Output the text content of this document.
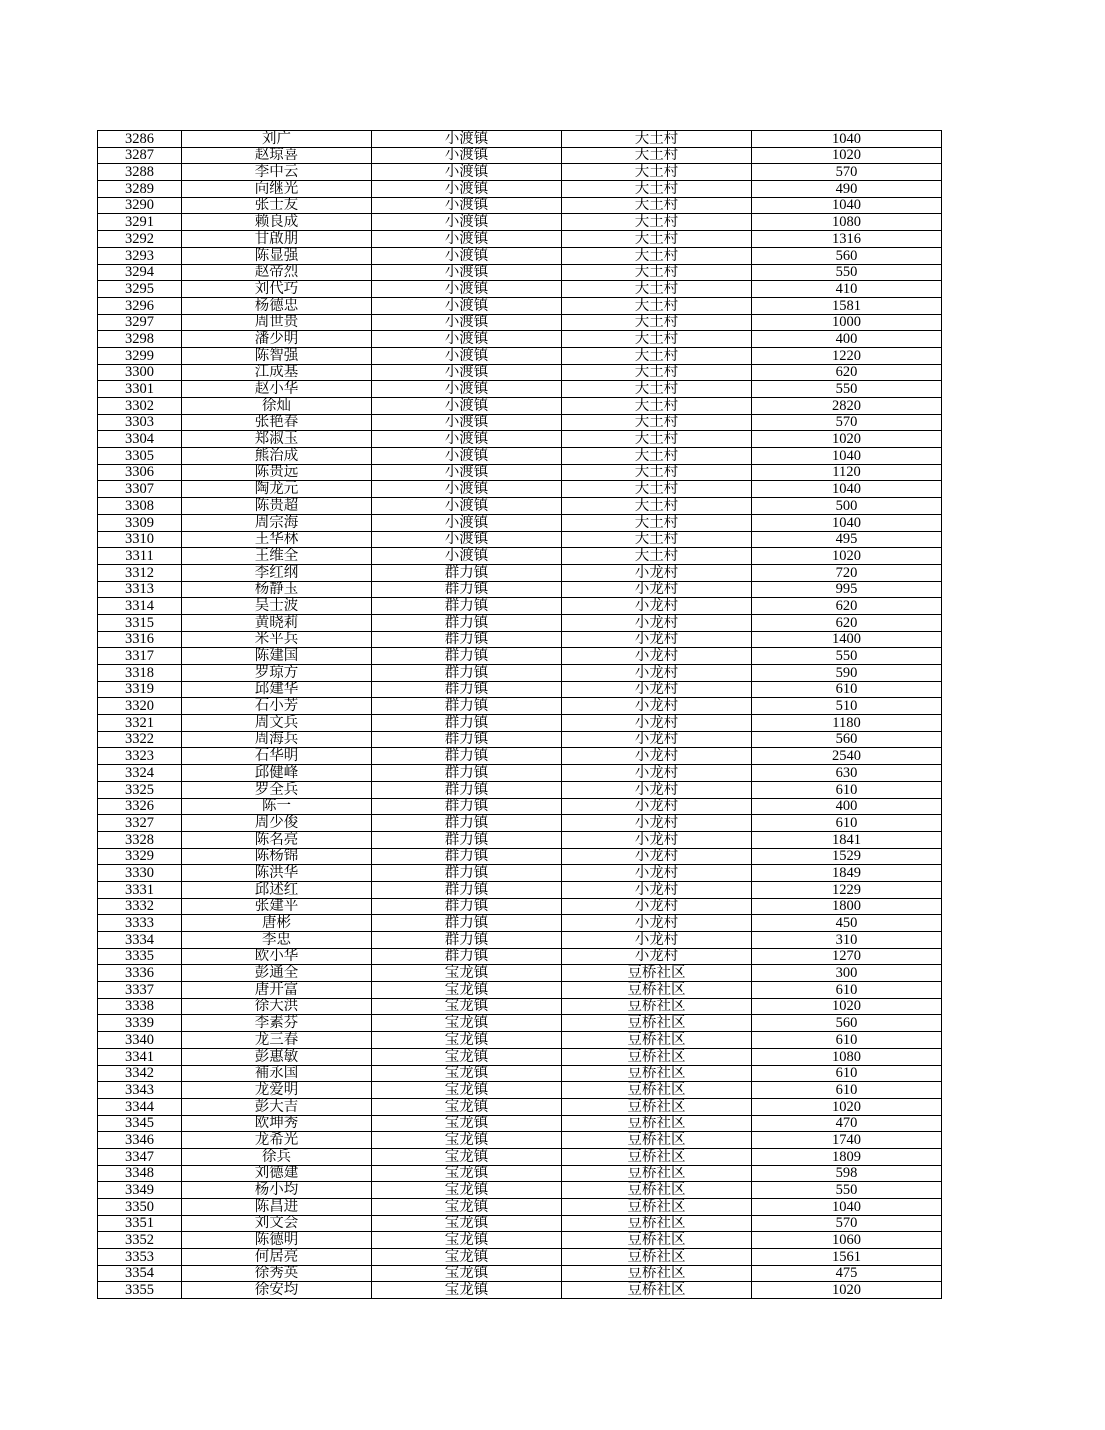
3286	刘广	小渡镇	大土村	1040
3287	赵琼喜	小渡镇	大土村	1020
3288	李中云	小渡镇	大土村	570
3289	向继光	小渡镇	大土村	490
3290	张士友	小渡镇	大土村	1040
3291	赖良成	小渡镇	大土村	1080
3292	甘啟朋	小渡镇	大土村	1316
3293	陈显强	小渡镇	大土村	560
3294	赵帝烈	小渡镇	大土村	550
3295	刘代巧	小渡镇	大土村	410
3296	杨德忠	小渡镇	大土村	1581
3297	周世贵	小渡镇	大土村	1000
3298	潘少明	小渡镇	大土村	400
3299	陈智强	小渡镇	大土村	1220
3300	江成基	小渡镇	大土村	620
3301	赵小华	小渡镇	大土村	550
3302	徐灿	小渡镇	大土村	2820
3303	张艳春	小渡镇	大土村	570
3304	郑淑玉	小渡镇	大土村	1020
3305	熊治成	小渡镇	大土村	1040
3306	陈贵远	小渡镇	大土村	1120
3307	陶龙元	小渡镇	大土村	1040
3308	陈贵超	小渡镇	大土村	500
3309	周宗海	小渡镇	大土村	1040
3310	王华林	小渡镇	大土村	495
3311	王维全	小渡镇	大土村	1020
3312	李红纲	群力镇	小龙村	720
3313	杨静玉	群力镇	小龙村	995
3314	吴士波	群力镇	小龙村	620
3315	黄晓莉	群力镇	小龙村	620
3316	米平兵	群力镇	小龙村	1400
3317	陈建国	群力镇	小龙村	550
3318	罗琼方	群力镇	小龙村	590
3319	邱建华	群力镇	小龙村	610
3320	石小芳	群力镇	小龙村	510
3321	周文兵	群力镇	小龙村	1180
3322	周海兵	群力镇	小龙村	560
3323	石华明	群力镇	小龙村	2540
3324	邱健峰	群力镇	小龙村	630
3325	罗全兵	群力镇	小龙村	610
3326	陈一	群力镇	小龙村	400
3327	周少俊	群力镇	小龙村	610
3328	陈名亮	群力镇	小龙村	1841
3329	陈杨锦	群力镇	小龙村	1529
3330	陈洪华	群力镇	小龙村	1849
3331	邱述红	群力镇	小龙村	1229
3332	张建平	群力镇	小龙村	1800
3333	唐彬	群力镇	小龙村	450
3334	李忠	群力镇	小龙村	310
3335	欧小华	群力镇	小龙村	1270
3336	彭通全	宝龙镇	豆桥社区	300
3337	唐开富	宝龙镇	豆桥社区	610
3338	徐大洪	宝龙镇	豆桥社区	1020
3339	李素芬	宝龙镇	豆桥社区	560
3340	龙三春	宝龙镇	豆桥社区	610
3341	彭惠敏	宝龙镇	豆桥社区	1080
3342	補永国	宝龙镇	豆桥社区	610
3343	龙爱明	宝龙镇	豆桥社区	610
3344	彭大吉	宝龙镇	豆桥社区	1020
3345	欧坤秀	宝龙镇	豆桥社区	470
3346	龙希光	宝龙镇	豆桥社区	1740
3347	徐兵	宝龙镇	豆桥社区	1809
3348	刘德建	宝龙镇	豆桥社区	598
3349	杨小均	宝龙镇	豆桥社区	550
3350	陈昌进	宝龙镇	豆桥社区	1040
3351	刘文会	宝龙镇	豆桥社区	570
3352	陈德明	宝龙镇	豆桥社区	1060
3353	何居亮	宝龙镇	豆桥社区	1561
3354	徐秀英	宝龙镇	豆桥社区	475
3355	徐安均	宝龙镇	豆桥社区	1020
